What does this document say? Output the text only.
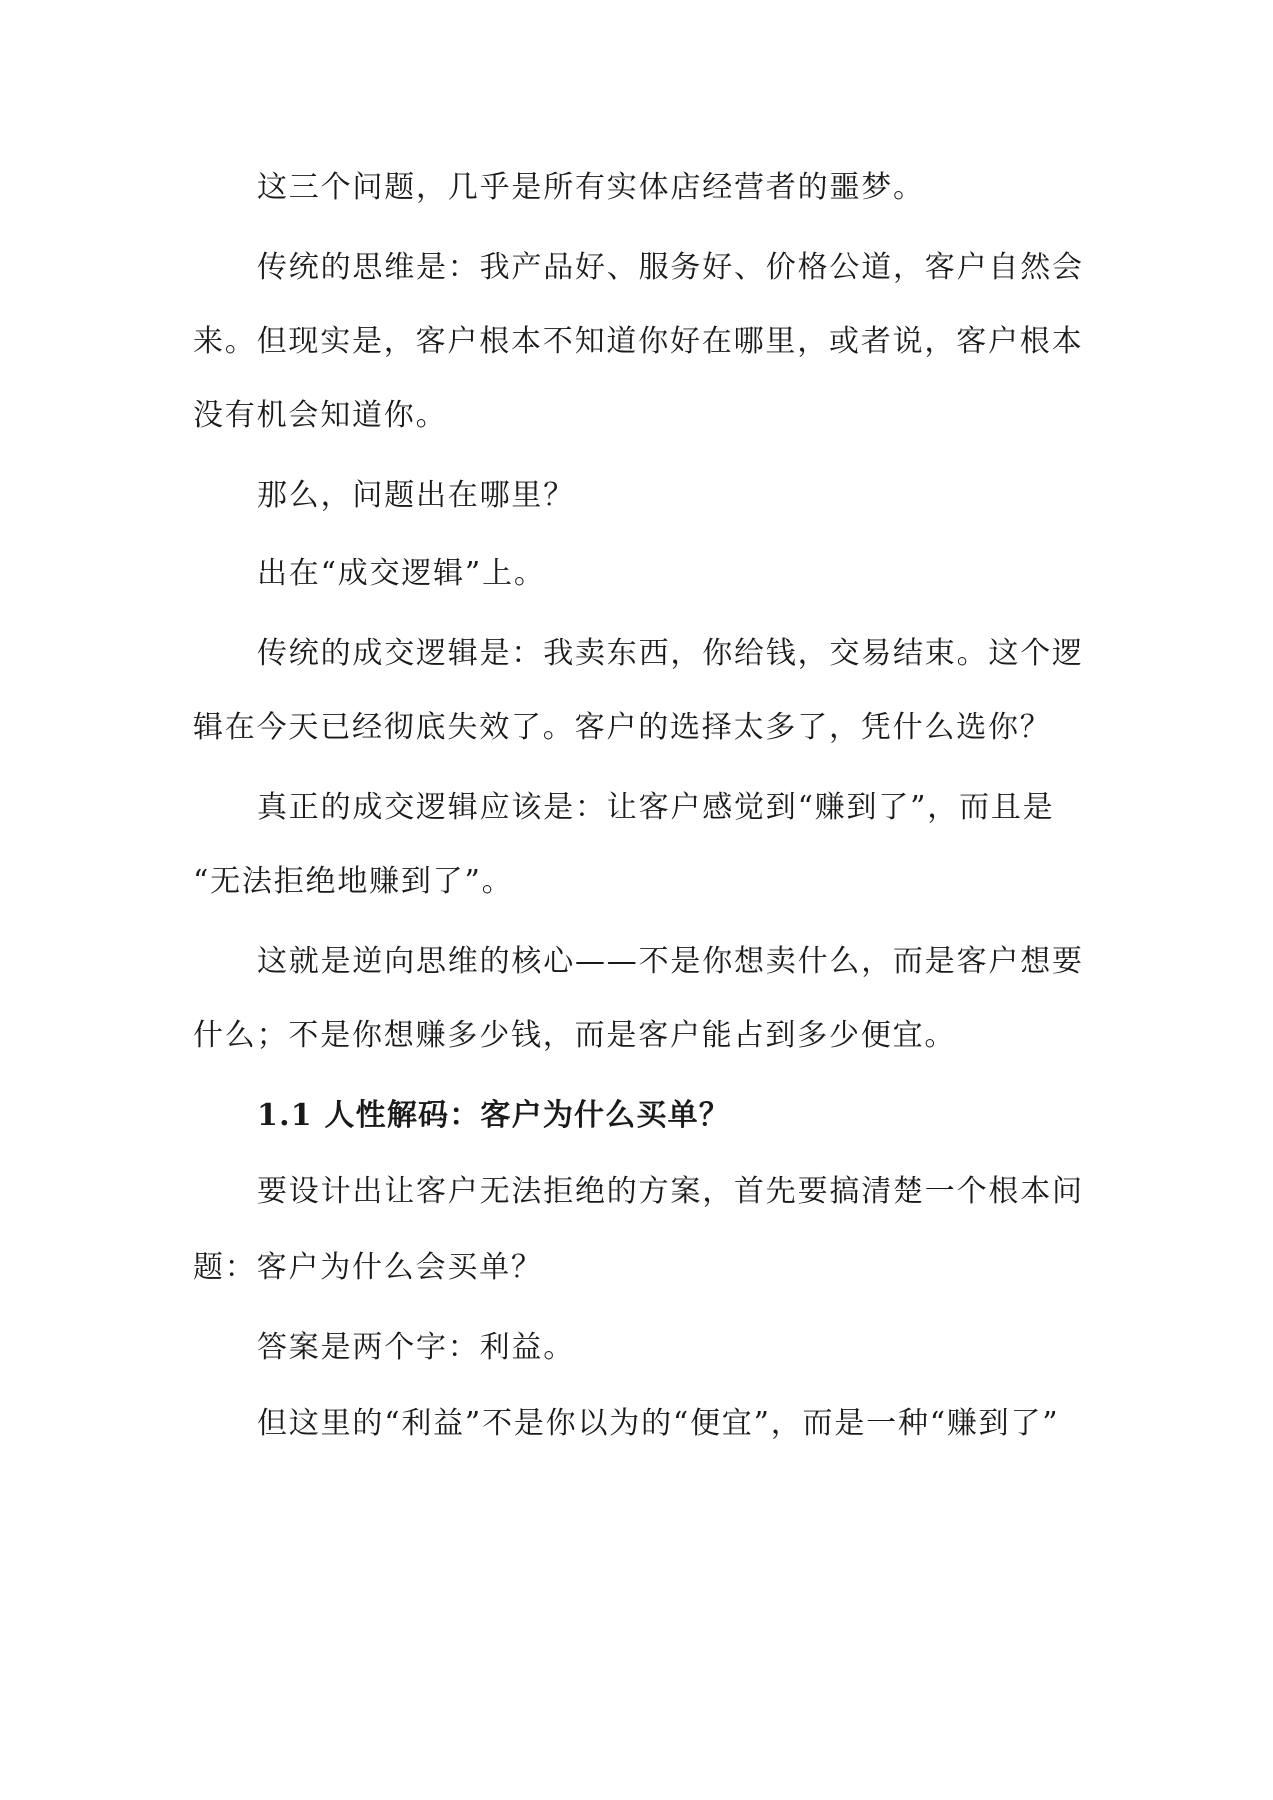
这三个问题，几乎是所有实体店经营者的噩梦。
传统的思维是：我产品好、服务好、价格公道，客户自然会
来。但现实是，客户根本不知道你好在哪里，或者说，客户根本
没有机会知道你。
那么，问题出在哪里？
出在“成交逻辑”上。
传统的成交逻辑是：我卖东西，你给钱，交易结束。这个逻
辑在今天已经彻底失效了。客户的选择太多了，凭什么选你？
真正的成交逻辑应该是：让客户感觉到“赚到了”，而且是
“无法拒绝地赚到了”。
这就是逆向思维的核心——不是你想卖什么，而是客户想要
什么；不是你想赚多少钱，而是客户能占到多少便宜。
1.1 人性解码：客户为什么买单？
要设计出让客户无法拒绝的方案，首先要搞清楚一个根本问
题：客户为什么会买单？
答案是两个字：利益。
但这里的“利益”不是你以为的“便宜”，而是一种“赚到了”
